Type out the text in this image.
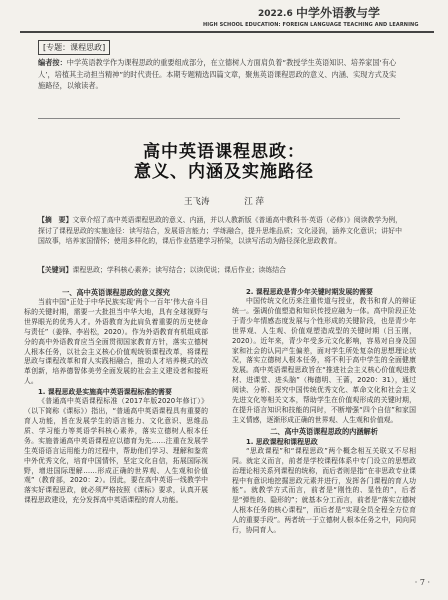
2022.6 中学外语教与学
HIGH SCHOOL EDUCATION: FOREIGN LANGUAGE TEACHING AND LEARNING
[专题：课程思政]
编者按：中学英语教学作为课程思政的重要组成部分，在立德树人方面肩负着“教授学生英语知识、培养家国‘有心人’，培植其主动担当精神”的时代责任。本期专题精选四篇文章，聚焦英语课程思政的意义、内涵、实现方式及实施路径，以飨读者。
高中英语课程思政：
意义、内涵及实施路径
王飞涛	江 萍
【摘　要】文章介绍了高中英语课程思政的意义、内涵，并以人教新版《普通高中教科书·英语（必修）》阅读教学为例，探讨了课程思政的实施途径：读写结合，发展语言能力；学练融合，提升思维品质；文化浸润，涵养文化意识；讲好中国故事，培养家国情怀；使用多样化的，课后作业搭建学习桥梁，以读写活动为路径深化思政教育。
【关键词】课程思政；学科核心素养；读写结合；以读促说；课后作业；读练结合
一、高中英语课程思政的意义探究

当前中国“正处于中华民族实现‘两个一百年’伟大奋斗目标的关键时期，需要一大批担当中华大地，具有全球视野与世界眼光的优秀人才。外语教育为此肩负着重要的历史使命与责任”（姜锋、李岩松，2020）。作为外语教育有机组成部分的高中外语教育应当全面贯彻国家教育方针，落实立德树人根本任务，以社会主义核心价值观统领课程改革，将课程思政与课程改革和育人实践相融合，推动人才培养模式的改革创新，培养德智体美劳全面发展的社会主义建设者和接班人。

1. 课程思政是实施高中英语课程标准的需要

《普通高中英语课程标准（2017年版2020年修订）》（以下简称《课标》）指出，“普通高中英语课程具有重要的育人功能，旨在发展学生的语言能力、文化意识、思维品质、学习能力等英语学科核心素养，落实立德树人根本任务。实施普通高中英语课程应以德育为先……注重在发展学生英语语言运用能力的过程中，帮助他们学习、理解和鉴赏中外优秀文化，培育中国情怀，坚定文化自信，拓展国际视野，增进国际理解……形成正确的世界观、人生观和价值观”（教育部，2020：2）。因此，要在高中英语一线教学中落实好课程思政，就必须严格按照《课标》要求，认真开展课程思政建设，充分发挥高中英语课程的育人功能。

2. 课程思政是青少年关键时期发展的需要

中国传统文化历来注重传道与授业，教书和育人的辩证统一。强调价值塑造和知识传授应融为一体。高中阶段正处于青少年情感态度发展与个性形成的关键阶段，也是青少年世界观、人生观、价值观塑造成型的关键时期（吕玉刚，2020）。近年来，青少年受多元文化影响，容易对自身及国家和社会的认同产生偏差，面对学生所处复杂的思想理论状况，落实立德树人根本任务，将不利于高中学生的全面健康发展。高中英语课程思政旨在“推进社会主义核心价值观进教材、进课堂、进头脑”（梅德明、王蔷，2020：31），通过阅读、分析、探究中国传统优秀文化、革命文化和社会主义先进文化等相关文本，帮助学生在价值观形成的关键时期，在提升语言知识和技能的同时，不断增强“四个自信”和家国主义情感，逐渐形成正确的世界观、人生观和价值观。

二、高中英语课程思政的内涵解析
1. 思政课程和课程思政

“思政课程”和“课程思政”两个概念相互关联又不尽相同。就定义而言，前者是学校课程体系中专门设立的思想政治理论相关系列课程的统称，而后者则是指“在非思政专业课程中有意识地挖掘思政元素并进行，发挥各门课程的育人功能”。就教学方式而言，前者是“刚性的、显性的”，后者是“弹性的、隐形的”；就基本分工而言，前者是“落实立德树人根本任务的核心课程”，而后者是“实现全员全程全方位育人的重要手段”。两者统一于立德树人根本任务之中，同向同行，协同育人。

· 7 ·
